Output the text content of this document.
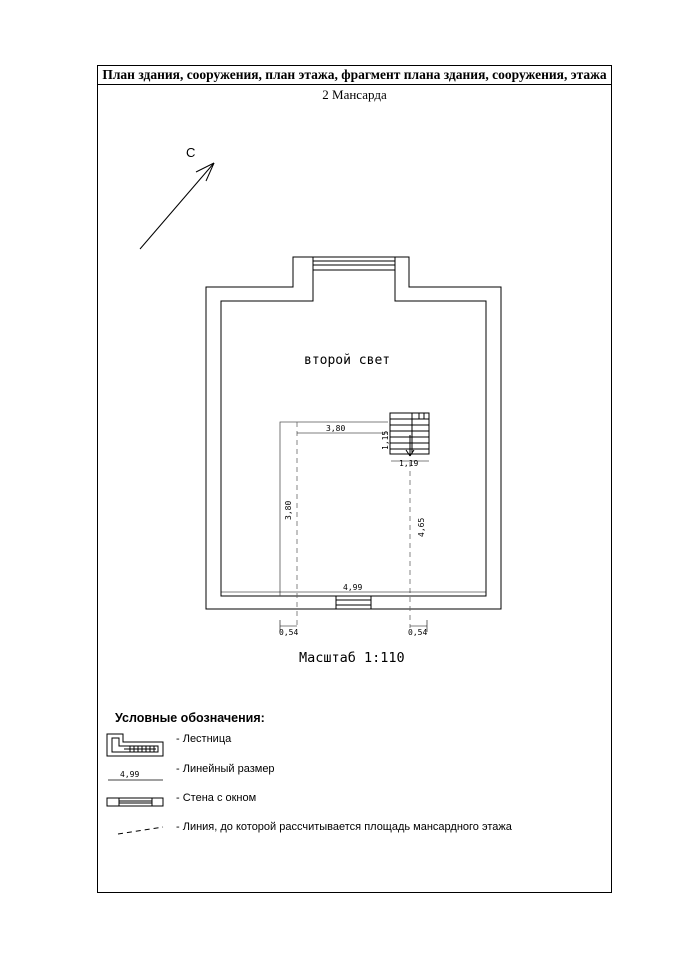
С
3,80
1,19
4,99
0,54	0,54
1,15
3,80
4,65
второй свет
Масштаб 1:110
4,99
План здания, сооружения, план этажа, фрагмент плана здания, сооружения, этажа
2 Мансарда
Условные обозначения:
- Лестница
- Линейный размер
- Стена с окном
- Линия, до которой рассчитывается площадь мансардного этажа
